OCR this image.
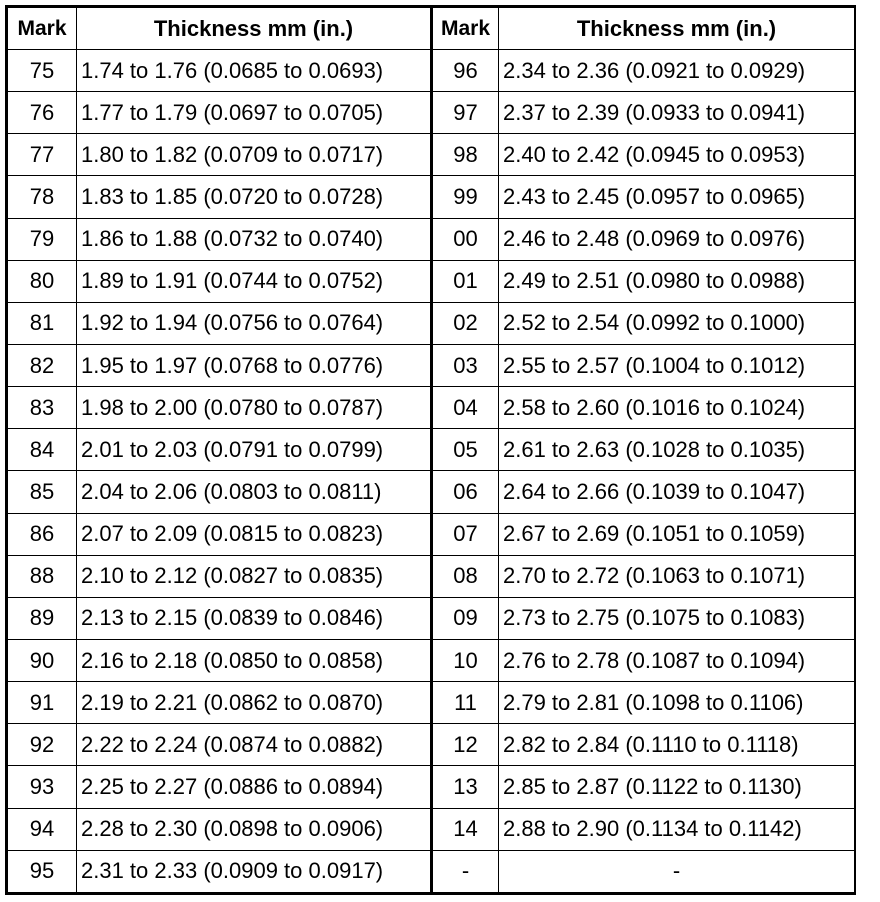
Mark	Thickness mm (in.)	Mark	Thickness mm (in.)
75	1.74 to 1.76 (0.0685 to 0.0693)	96	2.34 to 2.36 (0.0921 to 0.0929)
76	1.77 to 1.79 (0.0697 to 0.0705)	97	2.37 to 2.39 (0.0933 to 0.0941)
77	1.80 to 1.82 (0.0709 to 0.0717)	98	2.40 to 2.42 (0.0945 to 0.0953)
78	1.83 to 1.85 (0.0720 to 0.0728)	99	2.43 to 2.45 (0.0957 to 0.0965)
79	1.86 to 1.88 (0.0732 to 0.0740)	00	2.46 to 2.48 (0.0969 to 0.0976)
80	1.89 to 1.91 (0.0744 to 0.0752)	01	2.49 to 2.51 (0.0980 to 0.0988)
81	1.92 to 1.94 (0.0756 to 0.0764)	02	2.52 to 2.54 (0.0992 to 0.1000)
82	1.95 to 1.97 (0.0768 to 0.0776)	03	2.55 to 2.57 (0.1004 to 0.1012)
83	1.98 to 2.00 (0.0780 to 0.0787)	04	2.58 to 2.60 (0.1016 to 0.1024)
84	2.01 to 2.03 (0.0791 to 0.0799)	05	2.61 to 2.63 (0.1028 to 0.1035)
85	2.04 to 2.06 (0.0803 to 0.0811)	06	2.64 to 2.66 (0.1039 to 0.1047)
86	2.07 to 2.09 (0.0815 to 0.0823)	07	2.67 to 2.69 (0.1051 to 0.1059)
88	2.10 to 2.12 (0.0827 to 0.0835)	08	2.70 to 2.72 (0.1063 to 0.1071)
89	2.13 to 2.15 (0.0839 to 0.0846)	09	2.73 to 2.75 (0.1075 to 0.1083)
90	2.16 to 2.18 (0.0850 to 0.0858)	10	2.76 to 2.78 (0.1087 to 0.1094)
91	2.19 to 2.21 (0.0862 to 0.0870)	11	2.79 to 2.81 (0.1098 to 0.1106)
92	2.22 to 2.24 (0.0874 to 0.0882)	12	2.82 to 2.84 (0.1110 to 0.1118)
93	2.25 to 2.27 (0.0886 to 0.0894)	13	2.85 to 2.87 (0.1122 to 0.1130)
94	2.28 to 2.30 (0.0898 to 0.0906)	14	2.88 to 2.90 (0.1134 to 0.1142)
95	2.31 to 2.33 (0.0909 to 0.0917)	-	-
